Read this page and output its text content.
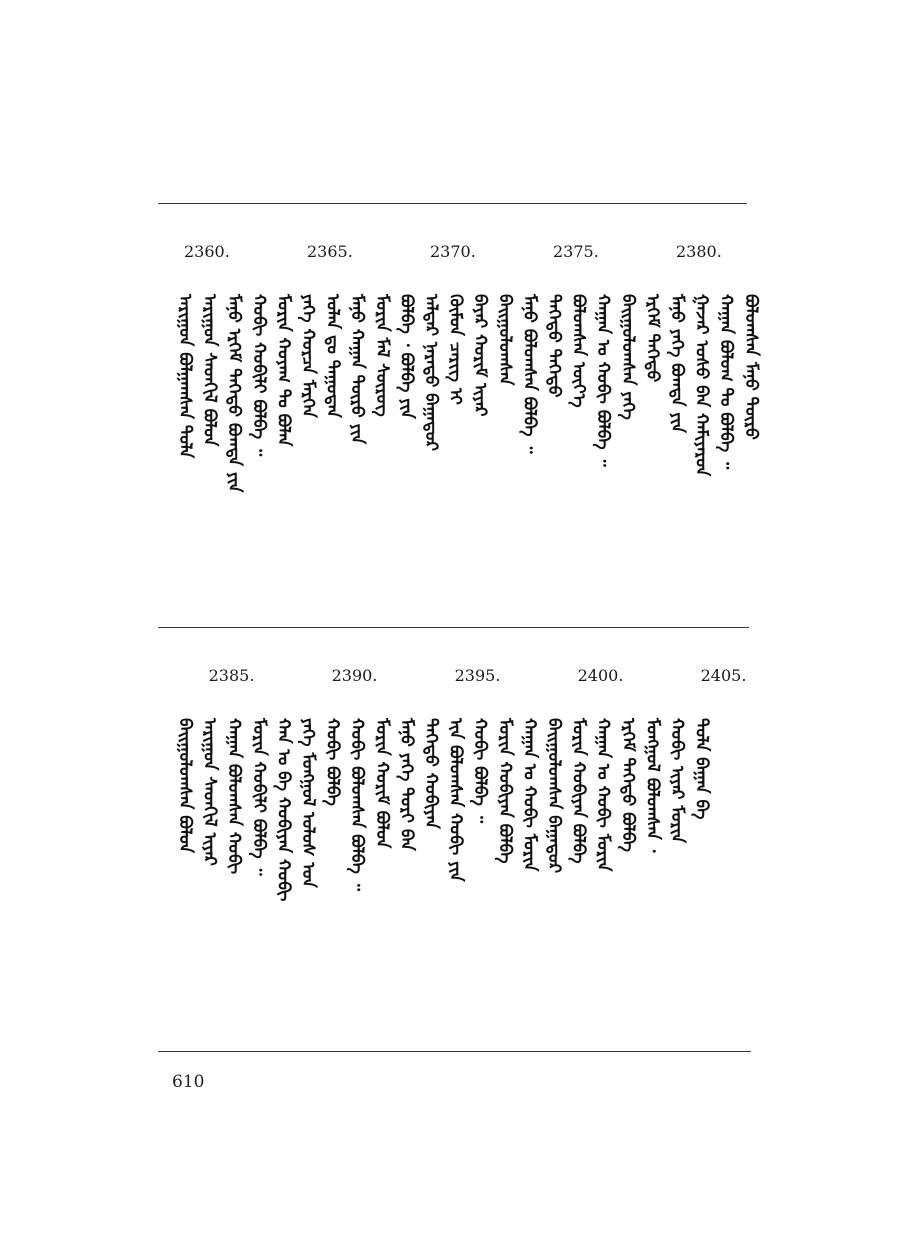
ᠠᠷᠢᠭᠤᠨ ᠪᠣᠯᠭᠠᠭᠰᠠᠨ ᠲᠤᠯᠠ ᠠᠷᠢᠭᠤᠨ ᠰᠡᠳᠬᠢᠯ ᠪᠣᠯᠤᠨ ᠮᠠᠨᠤ ᠡᠷᠬᠡᠮ ᠳᠡᠭᠡᠳᠦ ᠪᠣᠭᠳᠠ ᠶᠢᠨ ᠬᠤᠪᠢ ᠬᠤᠪᠢᠯᠢ ᠪᠣᠯᠪᠠ ᠃ ᠮᠣᠷᠢᠨ ᠬᠤᠶᠠᠭ ᠲᠤ ᠪᠣᠯᠠᠨ ᠶᠡᠬᠡ ᠬᠤᠷᠴᠠ ᠮᠡᠷᠭᠡᠨ ᠣᠯᠠᠨ ᠳᠤ ᠳᠠᠭᠤᠳᠠᠨ ᠮᠠᠨᠤ ᠬᠠᠭᠠᠨ ᠲᠦᠷᠦ ᠶᠢᠨ ᠮᠣᠷᠢᠨ ᠮᠠᠯ ᠰᠦᠷᠦᠭ ᠪᠣᠯᠪᠠ ᠂ ᠪᠣᠯᠪᠠ ᠶᠢᠨ ᠠᠯᠳᠠᠷ ᠨᠡᠷᠡᠲᠦ ᠪᠠᠭᠠᠲᠤᠷ ᠬᠦᠮᠦᠨ ᠴᠡᠷᠢᠭ ᠢ ᠪᠠᠶᠠᠷ ᠬᠤᠷᠢᠮ ᠢᠶᠡᠷ ᠪᠠᠢᠭᠤᠯᠤᠭᠰᠠᠨ ᠮᠠᠨᠤ ᠪᠣᠯᠤᠭᠰᠠᠨ ᠪᠣᠯᠪᠠ ᠃ ᠳᠡᠭᠡᠳᠦ ᠳᠡᠭᠡᠳᠦ ᠪᠣᠯᠤᠭᠰᠠᠨ ᠦᠶ᠎ᠡ ᠬᠠᠭᠠᠨ ᠤ ᠬᠤᠪᠢ ᠪᠣᠯᠪᠠ ᠃ ᠪᠠᠢᠭᠤᠯᠤᠭᠰᠠᠨ ᠶᠡᠬᠡ ᠡᠷᠬᠡᠮ ᠳᠡᠭᠡᠳᠦ ᠮᠠᠨᠤ ᠶᠡᠬᠡ ᠪᠣᠭᠳᠠ ᠶᠢᠨ ᠭᠠᠵᠠᠷ ᠤᠰᠤ ᠪᠠᠨ ᠬᠠᠮᠢᠶᠠᠷᠤᠨ ᠬᠠᠭᠠᠨ ᠪᠤᠯᠤᠭ ᠲᠤ ᠪᠣᠯᠪᠠ ᠃ ᠪᠣᠯᠤᠭᠰᠠᠨ ᠮᠠᠨᠤ ᠲᠦᠷᠦ
2380.
2375.
2370.
2365.
2360.
ᠪᠠᠢᠭᠤᠯᠤᠭᠰᠠᠨ ᠪᠣᠯᠤᠨ ᠠᠷᠢᠭᠤᠨ ᠰᠡᠳᠬᠢᠯ ᠢᠶᠡᠷ ᠬᠠᠭᠠᠨ ᠪᠣᠯᠤᠭᠰᠠᠨ ᠬᠤᠪᠢ ᠮᠣᠷᠢᠨ ᠬᠤᠪᠢᠯᠢ ᠪᠣᠯᠪᠠ ᠃ ᠬᠠᠨ ᠤ ᠪᠠ ᠬᠤᠪᠢᠶᠠᠨ ᠬᠤᠪᠢ ᠶᠡᠬᠡ ᠮᠣᠩᠭᠣᠯ ᠤᠯᠤᠰ ᠤᠨ ᠬᠤᠪᠢ ᠪᠣᠯᠪᠠ ᠬᠤᠪᠢ ᠪᠣᠯᠤᠭᠰᠠᠨ ᠪᠣᠯᠪᠠ ᠃ ᠮᠣᠷᠢᠨ ᠬᠤᠷᠢᠮ ᠪᠣᠯᠤᠨ ᠮᠠᠨᠤ ᠶᠡᠬᠡ ᠲᠣᠷᠢ ᠪᠠᠨ ᠳᠡᠭᠡᠳᠦ ᠬᠤᠪᠢᠶᠠᠨ ᠢᠨ ᠪᠣᠯᠤᠭᠰᠠᠨ ᠬᠤᠪᠢ ᠶᠢᠨ ᠬᠤᠪᠢ ᠪᠣᠯᠪᠠ ᠃ ᠮᠣᠷᠢᠨ ᠬᠤᠪᠢᠶᠠᠨ ᠪᠣᠯᠪᠠ ᠬᠠᠭᠠᠨ ᠤ ᠬᠤᠪᠢ ᠮᠣᠷᠢᠨ ᠪᠠᠢᠭᠤᠯᠤᠭᠰᠠᠨ ᠪᠠᠭᠠᠲᠤᠷ ᠮᠣᠷᠢᠨ ᠬᠤᠪᠢᠶᠠᠨ ᠪᠣᠯᠪᠠ ᠬᠠᠭᠠᠨ ᠤ ᠬᠤᠪᠢ ᠮᠣᠷᠢᠨ ᠡᠷᠬᠡᠮ ᠳᠡᠭᠡᠳᠦ ᠪᠣᠯᠪᠠ ᠮᠣᠩᠭᠣᠯ ᠪᠣᠯᠤᠭᠰᠠᠨ ᠂ ᠬᠤᠪᠢ ᠢᠶᠡᠷ ᠮᠣᠷᠢᠨ ᠲᠤᠯᠠ ᠪᠠᠭᠠᠨ ᠪᠠ
2405.
2400.
2395.
2390.
2385.
610
